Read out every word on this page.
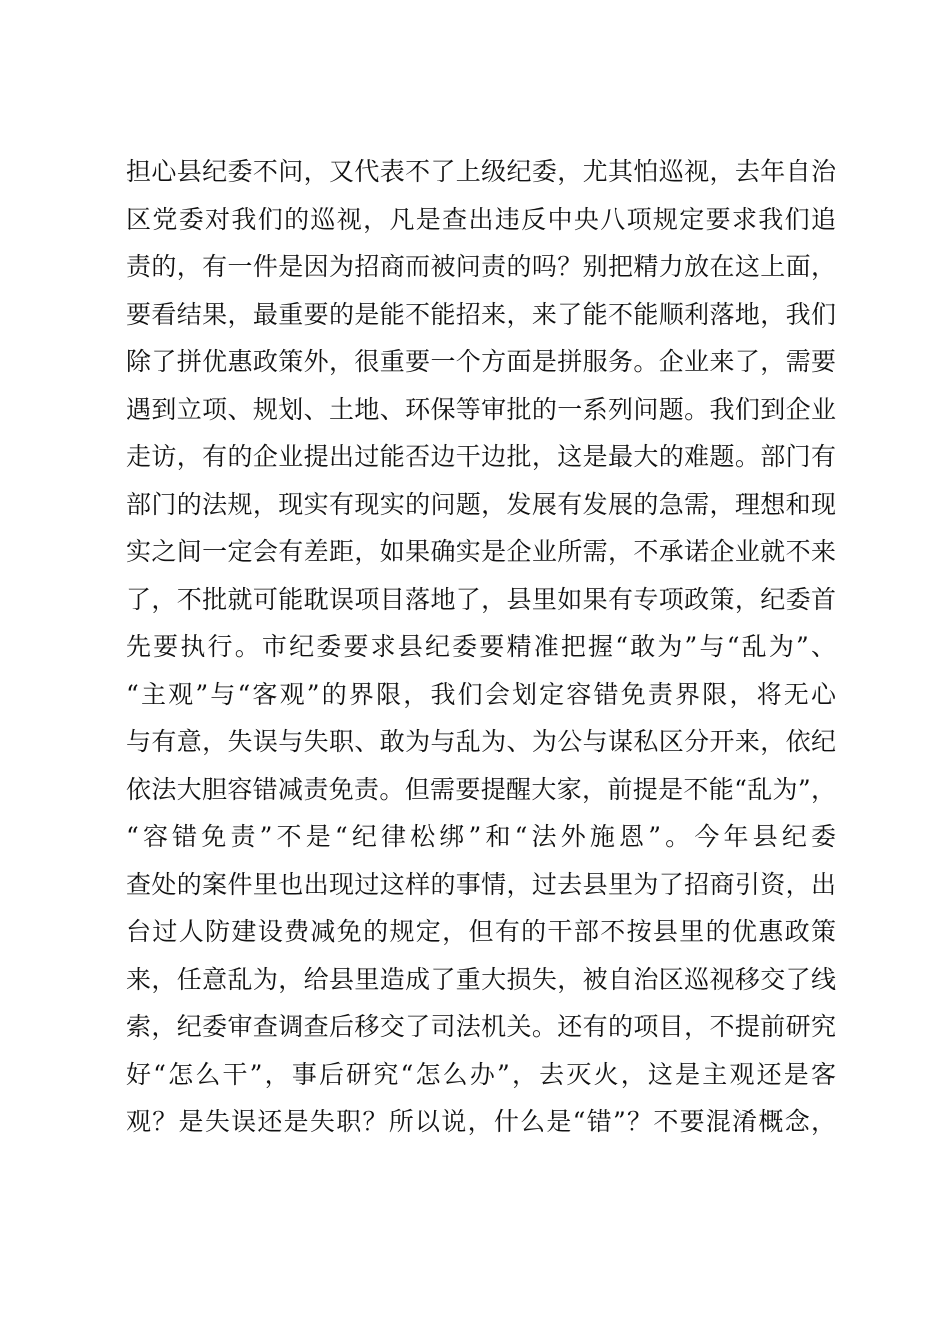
担心县纪委不问，又代表不了上级纪委，尤其怕巡视，去年自治
区党委对我们的巡视，凡是查出违反中央八项规定要求我们追
责的，有一件是因为招商而被问责的吗？别把精力放在这上面，
要看结果，最重要的是能不能招来，来了能不能顺利落地，我们
除了拼优惠政策外，很重要一个方面是拼服务。企业来了，需要
遇到立项、规划、土地、环保等审批的一系列问题。我们到企业
走访，有的企业提出过能否边干边批，这是最大的难题。部门有
部门的法规，现实有现实的问题，发展有发展的急需，理想和现
实之间一定会有差距，如果确实是企业所需，不承诺企业就不来
了，不批就可能耽误项目落地了，县里如果有专项政策，纪委首
先要执行。市纪委要求县纪委要精准把握“敢为”与“乱为”、
“主观”与“客观”的界限，我们会划定容错免责界限，将无心
与有意，失误与失职、敢为与乱为、为公与谋私区分开来，依纪
依法大胆容错减责免责。但需要提醒大家，前提是不能“乱为”，
“容错免责”不是“纪律松绑”和“法外施恩”。今年县纪委
查处的案件里也出现过这样的事情，过去县里为了招商引资，出
台过人防建设费减免的规定，但有的干部不按县里的优惠政策
来，任意乱为，给县里造成了重大损失，被自治区巡视移交了线
索，纪委审查调查后移交了司法机关。还有的项目，不提前研究
好“怎么干”，事后研究“怎么办”，去灭火，这是主观还是客
观？是失误还是失职？所以说，什么是“错”？不要混淆概念，
